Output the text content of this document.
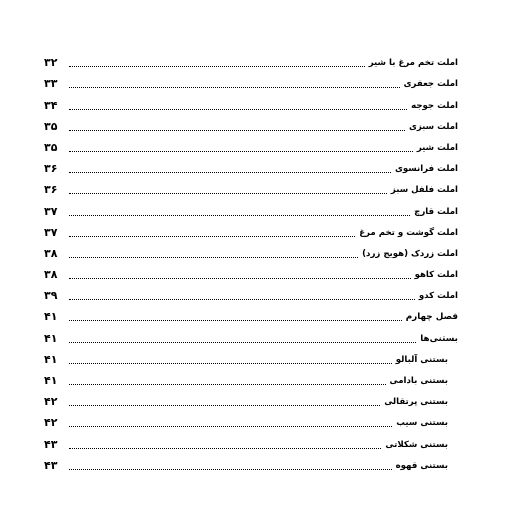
املت تخم مرغ با شیر
۳۲
املت جعفری
۳۳
املت جوجه
۳۴
املت سبزی
۳۵
املت شیر
۳۵
املت فرانسوی
۳۶
املت فلفل سبز
۳۶
املت قارچ
۳۷
املت گوشت و تخم مرغ
۳۷
املت زردک (هویج زرد)
۳۸
املت کاهو
۳۸
املت کدو
۳۹
فصل چهارم
۴۱
بستنی‌ها
۴۱
بستنی آلبالو
۴۱
بستنی بادامی
۴۱
بستنی پرتقالی
۴۲
بستنی سیب
۴۲
بستنی شکلاتی
۴۳
بستنی قهوه
۴۳
